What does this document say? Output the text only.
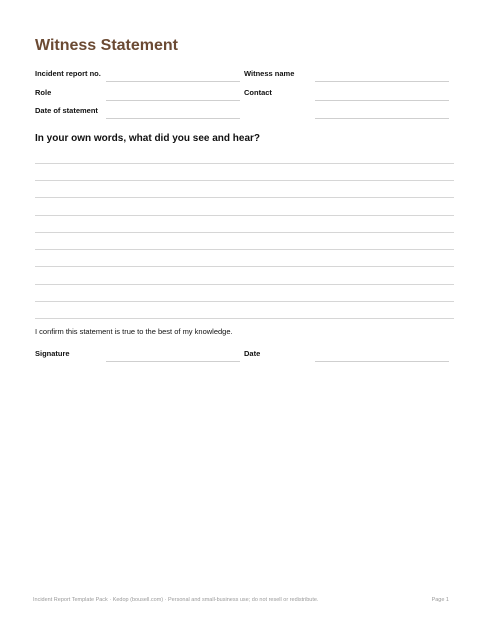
Witness Statement
Incident report no.	Witness name
Role	Contact
Date of statement
In your own words, what did you see and hear?
I confirm this statement is true to the best of my knowledge.
Signature	Date
Incident Report Template Pack · Kedop (bousell.com) · Personal and small-business use; do not resell or redistribute.	Page 1
